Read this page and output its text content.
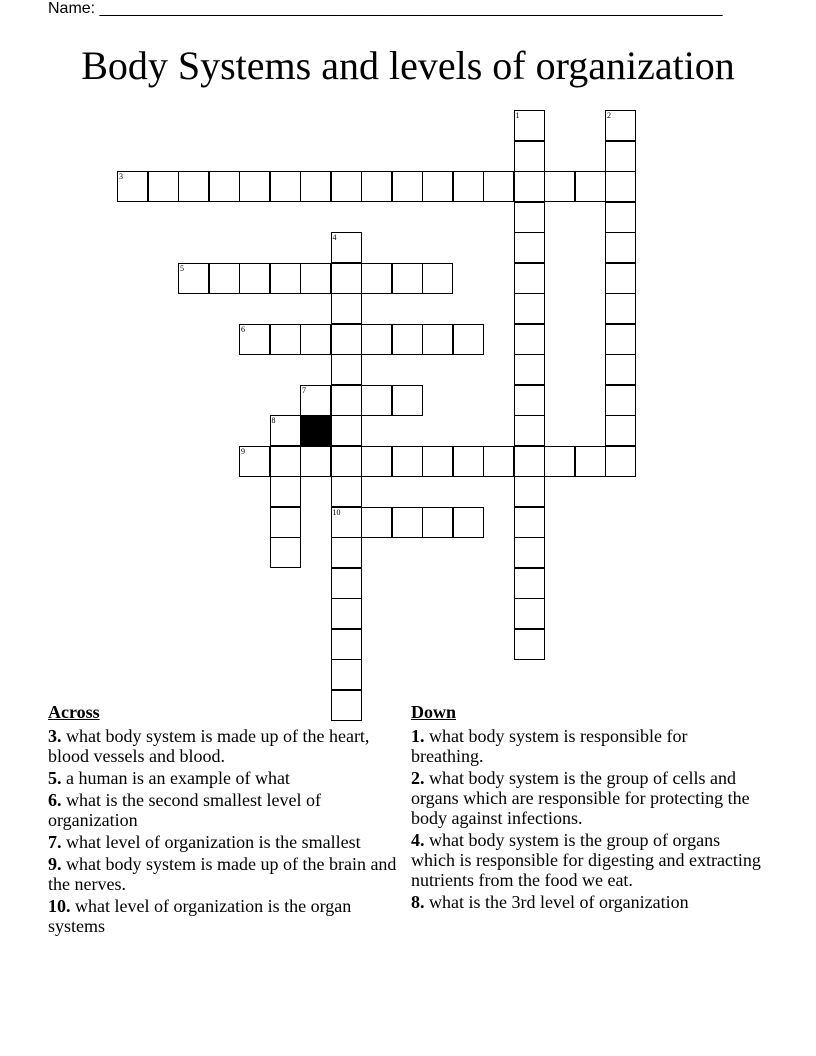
Name: ______________________________________________________________________
Body Systems and levels of organization
1	2
3
4
10
5
6
7
8
9
Across
3. what body system is made up of the heart, blood vessels and blood.
5. a human is an example of what
6. what is the second smallest level of organization
7. what level of organization is the smallest
9. what body system is made up of the brain and the nerves.
10. what level of organization is the organ systems
Down
1. what body system is responsible for breathing.
2. what body system is the group of cells and organs which are responsible for protecting the body against infections.
4. what body system is the group of organs which is responsible for digesting and extracting nutrients from the food we eat.
8. what is the 3rd level of organization
